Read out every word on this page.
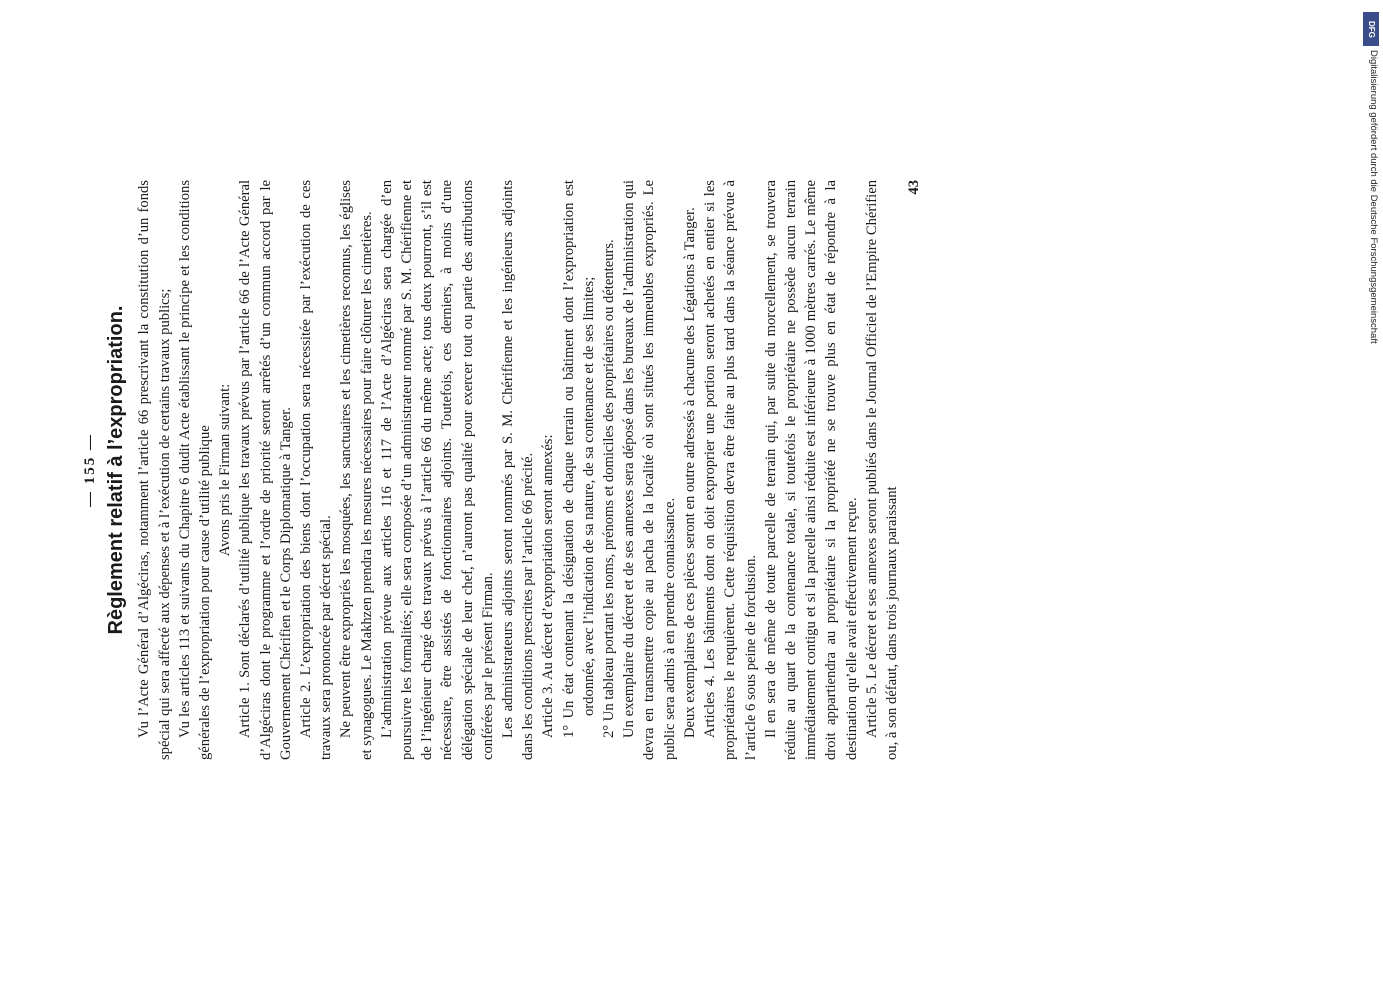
— 155 — Règlement relatif à l’expropriation. Vu l’Acte Général d’Algéciras, notamment l’article 66 prescrivant la constitution d’un fonds spécial qui sera affecté aux dépenses et à l’exécution de certains travaux publics; Vu les articles 113 et suivants du Chapitre 6 dudit Acte établissant le principe et les conditions générales de l’expropriation pour cause d’utilité publique Avons pris le Firman suivant: Article 1. Sont déclarés d’utilité publique les travaux prévus par l’article 66 de l’Acte Général d’Algéciras dont le programme et l’ordre de priorité seront arrêtés d’un commun accord par le Gouvernement Chérifien et le Corps Diplomatique à Tanger. Article 2. L’expropriation des biens dont l’occupation sera nécessitée par l’exécution de ces travaux sera prononcée par décret spécial. Ne peuvent être expropriés les mosquées, les sanctuaires et les cimetières reconnus, les églises et synagogues. Le Makhzen prendra les mesures nécessaires pour faire clôturer les cimetières. L’administration prévue aux articles 116 et 117 de l’Acte d’Algéciras sera chargée d’en poursuivre les formalités; elle sera composée d’un administrateur nommé par S. M. Chérifienne et de l’ingénieur chargé des travaux prévus à l’article 66 du même acte; tous deux pourront, s’il est nécessaire, être assistés de fonctionnaires adjoints. Toutefois, ces derniers, à moins d’une délégation spéciale de leur chef, n’auront pas qualité pour exercer tout ou partie des attributions conférées par le présent Firman. Les administrateurs adjoints seront nommés par S. M. Chérifienne et les ingénieurs adjoints dans les conditions prescrites par l’article 66 précité. Article 3. Au décret d’expropriation seront annexés: 1° Un état contenant la désignation de chaque terrain ou bâtiment dont l’expropriation est ordonnée, avec l’indication de sa nature, de sa contenance et de ses limites; 2° Un tableau portant les noms, prénoms et domiciles des propriétaires ou détenteurs. Un exemplaire du décret et de ses annexes sera déposé dans les bureaux de l’administration qui devra en transmettre copie au pacha de la localité où sont situés les immeubles expropriés. Le public sera admis à en prendre connaissance. Deux exemplaires de ces pièces seront en outre adressés à chacune des Légations à Tanger. Articles 4. Les bâtiments dont on doit exproprier une portion seront achetés en entier si les propriétaires le requièrent. Cette réquisition devra être faite au plus tard dans la séance prévue à l’article 6 sous peine de forclusion. Il en sera de même de toute parcelle de terrain qui, par suite du morcellement, se trouvera réduite au quart de la contenance totale, si toutefois le propriétaire ne possède aucun terrain immédiatement contigu et si la parcelle ainsi réduite est inférieure à 1000 mètres carrés. Le même droit appartiendra au propriétaire si la propriété ne se trouve plus en état de répondre à la destination qu’elle avait effectivement reçue. Article 5. Le décret et ses annexes seront publiés dans le Journal Officiel de l’Empire Chérifien ou, à son défaut, dans trois journaux paraissant

43
DFG
Digitalisierung gefördert durch die Deutsche Forschungsgemeinschaft
